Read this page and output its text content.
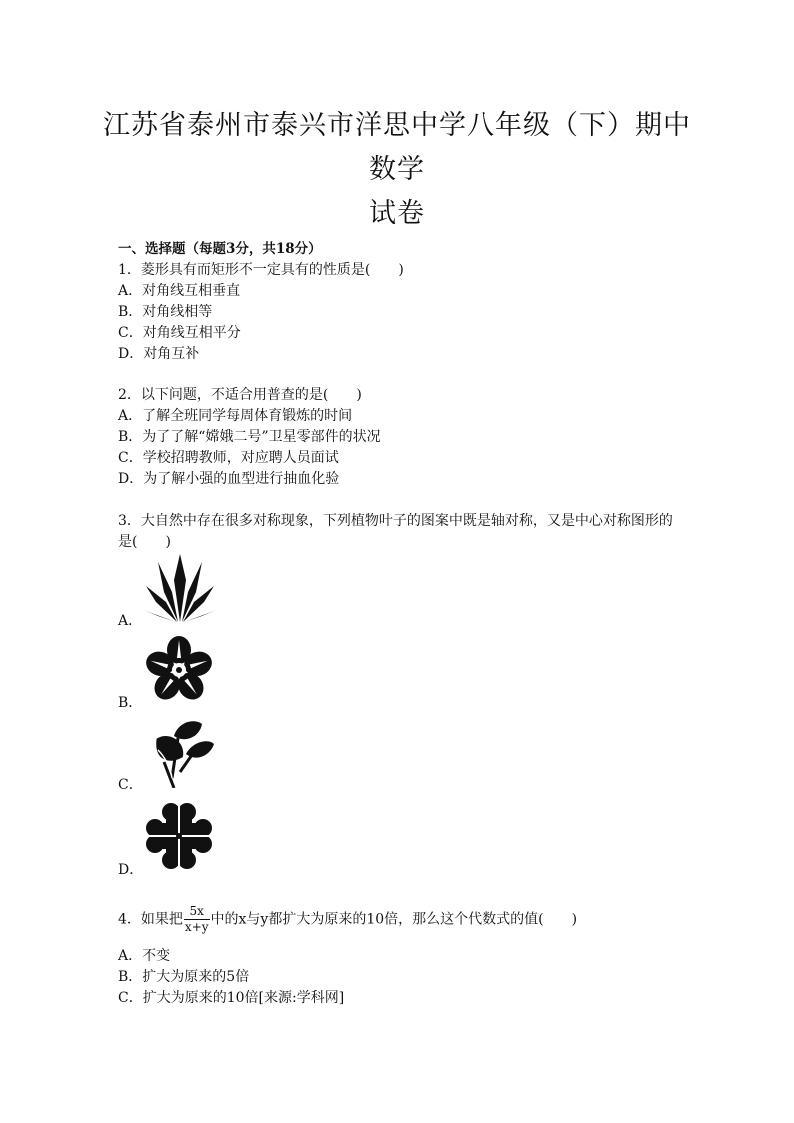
江苏省泰州市泰兴市洋思中学八年级（下）期中数学
试卷
一、选择题（每题3分，共18分）
1．菱形具有而矩形不一定具有的性质是(　　)
A．对角线互相垂直
B．对角线相等
C．对角线互相平分
D．对角互补
2．以下问题，不适合用普查的是(　　)
A．了解全班同学每周体育锻炼的时间
B．为了了解“嫦娥二号”卫星零部件的状况
C．学校招聘教师，对应聘人员面试
D．为了解小强的血型进行抽血化验
3．大自然中存在很多对称现象，下列植物叶子的图案中既是轴对称，又是中心对称图形的
是(　　)
A．
B．
C．
D．
4．如果把 $\frac{5x}{x+y}$ 中的x与y都扩大为原来的10倍，那么这个代数式的值(　　)
A．不变
B．扩大为原来的5倍
C．扩大为原来的10倍[来源:学科网]
